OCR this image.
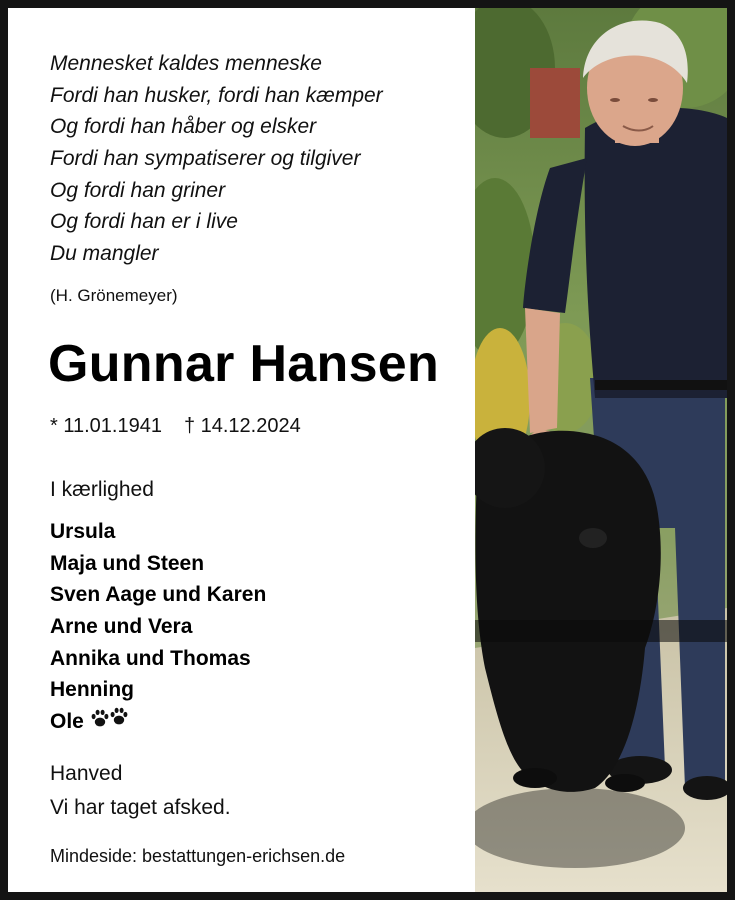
Mennesket kaldes menneske
Fordi han husker, fordi han kæmper
Og fordi han håber og elsker
Fordi han sympatiserer og tilgiver
Og fordi han griner
Og fordi han er i live
Du mangler
(H. Grönemeyer)
Gunnar Hansen
* 11.01.1941 † 14.12.2024
I kærlighed
Ursula
Maja und Steen
Sven Aage und Karen
Arne und Vera
Annika und Thomas
Henning
Ole
Hanved
Vi har taget afsked.
Mindeside: bestattungen-erichsen.de
